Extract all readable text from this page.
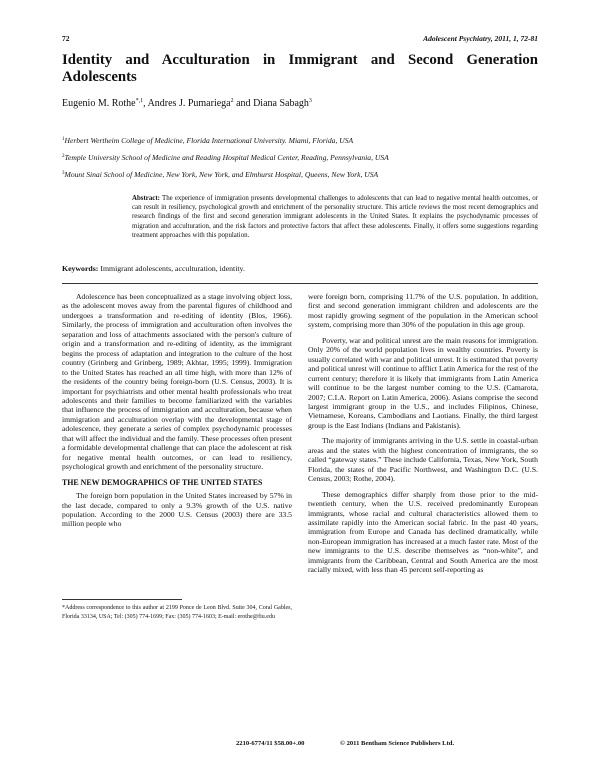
72	Adolescent Psychiatry, 2011, 1, 72-81
Identity and Acculturation in Immigrant and Second Generation
Adolescents

Eugenio M. Rothe$^{*,1}$, Andres J. Pumariega$^2$ and Diana Sabagh$^3$

$^1$Herbert Wertheim College of Medicine, Florida International University. Miami, Florida, USA

$^2$Temple University School of Medicine and Reading Hospital Medical Center, Reading, Pennsylvania, USA

$^3$Mount Sinai School of Medicine, New York, New York, and Elmhurst Hospital, Queens, New York, USA

Abstract: The experience of immigration presents developmental challenges to adolescents that can lead to negative mental health outcomes, or can result in resiliency, psychological growth and enrichment of the personality structure. This article reviews the most recent demographics and research findings of the first and second generation immigrant adolescents in the United States. It explains the psychodynamic processes of migration and acculturation, and the risk factors and protective factors that affect these adolescents. Finally, it offers some suggestions regarding treatment approaches with this population.

Keywords: Immigrant adolescents, acculturation, identity.

Adolescence has been conceptualized as a stage involving object loss, as the adolescent moves away from the parental figures of childhood and undergoes a transformation and re-editing of identity (Blos, 1966). Similarly, the process of immigration and acculturation often involves the separation and loss of attachments associated with the person's culture of origin and a transformation and re-editing of identity, as the immigrant begins the process of adaptation and integration to the culture of the host country (Grinberg and Grinberg, 1989; Akhtar, 1995; 1999). Immigration to the United States has reached an all time high, with more than 12% of the residents of the country being foreign-born (U.S. Census, 2003). It is important for psychiatrists and other mental health professionals who treat adolescents and their families to become familiarized with the variables that influence the process of immigration and acculturation, because when immigration and acculturation overlap with the developmental stage of adolescence, they generate a series of complex psychodynamic processes that will affect the individual and the family. These processes often present a formidable developmental challenge that can place the adolescent at risk for negative mental health outcomes, or can lead to resiliency, psychological growth and enrichment of the personality structure.

THE NEW DEMOGRAPHICS OF THE UNITED STATES

The foreign born population in the United States increased by 57% in the last decade, compared to only a 9.3% growth of the U.S. native population. According to the 2000 U.S. Census (2003) there are 33.5 million people who

were foreign born, comprising 11.7% of the U.S. population. In addition, first and second generation immigrant children and adolescents are the most rapidly growing segment of the population in the American school system, comprising more than 30% of the population in this age group.

Poverty, war and political unrest are the main reasons for immigration. Only 20% of the world population lives in wealthy countries. Poverty is usually correlated with war and political unrest. It is estimated that poverty and political unrest will continue to afflict Latin America for the rest of the current century; therefore it is likely that immigrants from Latin America will continue to be the largest number coming to the U.S. (Camarota, 2007; C.I.A. Report on Latin America, 2006). Asians comprise the second largest immigrant group in the U.S., and includes Filipinos, Chinese, Vietnamese, Koreans, Cambodians and Laotians. Finally, the third largest group is the East Indians (Indians and Pakistanis).

The majority of immigrants arriving in the U.S. settle in coastal-urban areas and the states with the highest concentration of immigrants, the so called “gateway states.” These include California, Texas, New York, South Florida, the states of the Pacific Northwest, and Washington D.C. (U.S. Census, 2003; Rothe, 2004).

These demographics differ sharply from those prior to the mid-twentieth century, when the U.S. received predominantly European immigrants, whose racial and cultural characteristics allowed them to assimilate rapidly into the American social fabric. In the past 40 years, immigration from Europe and Canada has declined dramatically, while non-European immigration has increased at a much faster rate. Most of the new immigrants to the U.S. describe themselves as “non-white”, and immigrants from the Caribbean, Central and South America are the most racially mixed, with less than 45 percent self-reporting as

*Address correspondence to this author at 2199 Ponce de Leon Blvd. Suite 304, Coral Gables, Florida 33134, USA; Tel: (305) 774-1699; Fax: (305) 774-1603; E-mail: erothe@fiu.edu

2210-6774/11 $58.00+.00	© 2011 Bentham Science Publishers Ltd.
